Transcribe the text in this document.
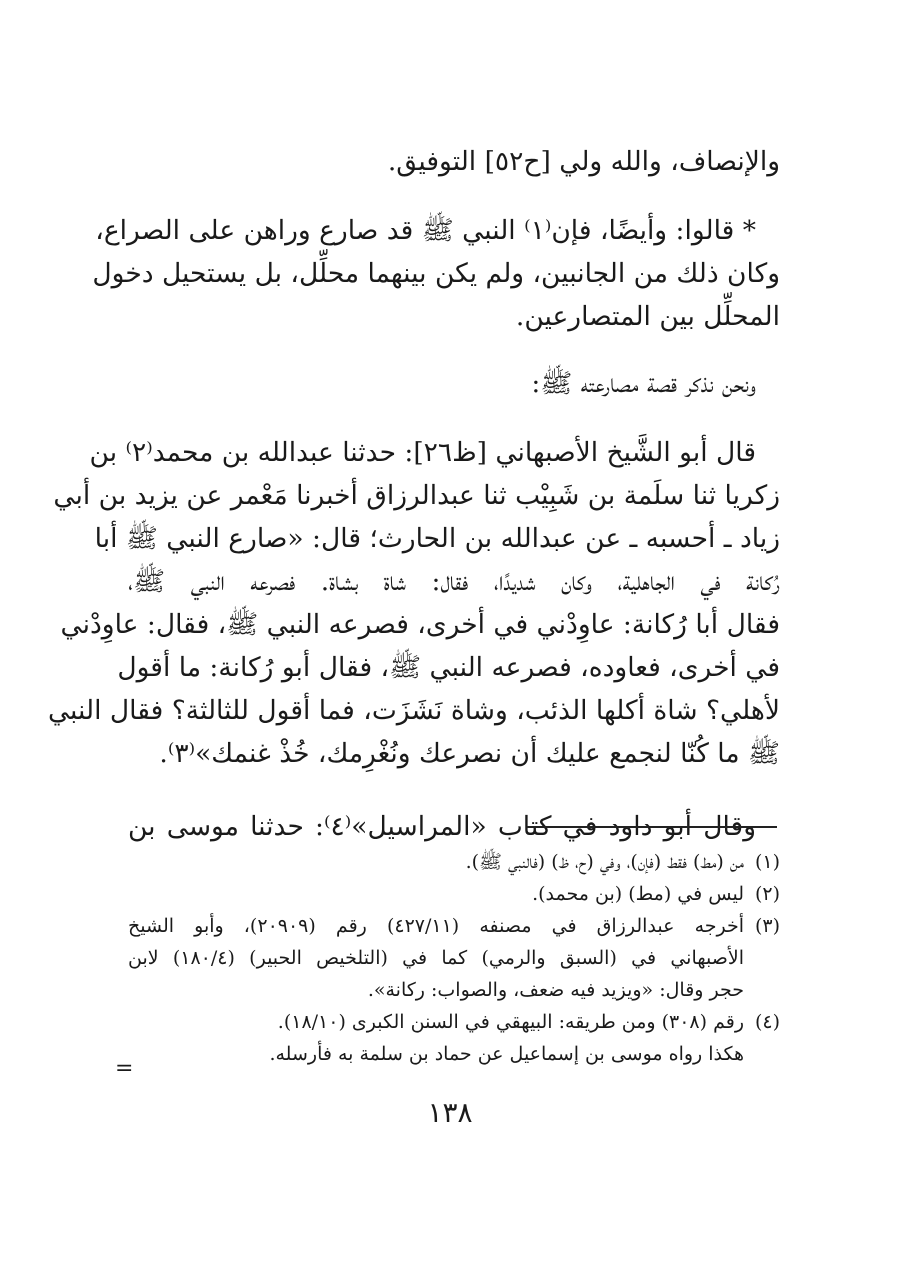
والإنصاف، والله ولي [ح٥٢] التوفيق.

* قالوا: وأيضًا، فإن⁽١⁾ النبي ﷺ قد صارع وراهن على الصراع،
وكان ذلك من الجانبين، ولم يكن بينهما محلِّل، بل يستحيل دخول
المحلِّل بين المتصارعين.

ونحن نذكر قصة مصارعته ﷺ:

قال أبو الشَّيخ الأصبهاني [ظ٢٦]: حدثنا عبدالله بن محمد⁽٢⁾ بن
زكريا ثنا سلَمة بن شَبِيْب ثنا عبدالرزاق أخبرنا مَعْمر عن يزيد بن أبي
زياد ـ أحسبه ـ عن عبدالله بن الحارث؛ قال: «صارع النبي ﷺ أبا
رُكانة في الجاهلية، وكان شديدًا، فقال: شاة بشاة. فصرعه النبي ﷺ،
فقال أبا رُكانة: عاوِدْني في أخرى، فصرعه النبي ﷺ، فقال: عاوِدْني
في أخرى، فعاوده، فصرعه النبي ﷺ، فقال أبو رُكانة: ما أقول
لأهلي؟ شاة أكلها الذئب، وشاة نَشَزَت، فما أقول للثالثة؟ فقال النبي
ﷺ ما كُنّا لنجمع عليك أن نصرعك ونُغْرِمك، خُذْ غنمك»⁽٣⁾.

وقال أبو داود في كتاب «المراسيل»⁽٤⁾: حدثنا موسى بن

(١)
من (مط) فقط (فإن)، وفي (ح، ظ) (فالنبي ﷺ).
(٢)
ليس في (مط) (بن محمد).
(٣)
أخرجه عبدالرزاق في مصنفه (٤٢٧/١١) رقم (٢٠٩٠٩)، وأبو الشيخ
الأصبهاني في (السبق والرمي) كما في (التلخيص الحبير) (١٨٠/٤) لابن
حجر وقال: «ويزيد فيه ضعف، والصواب: ركانة».
(٤)
رقم (٣٠٨) ومن طريقه: البيهقي في السنن الكبرى (١٨/١٠).
هكذا رواه موسى بن إسماعيل عن حماد بن سلمة به فأرسله.
=
١٣٨
